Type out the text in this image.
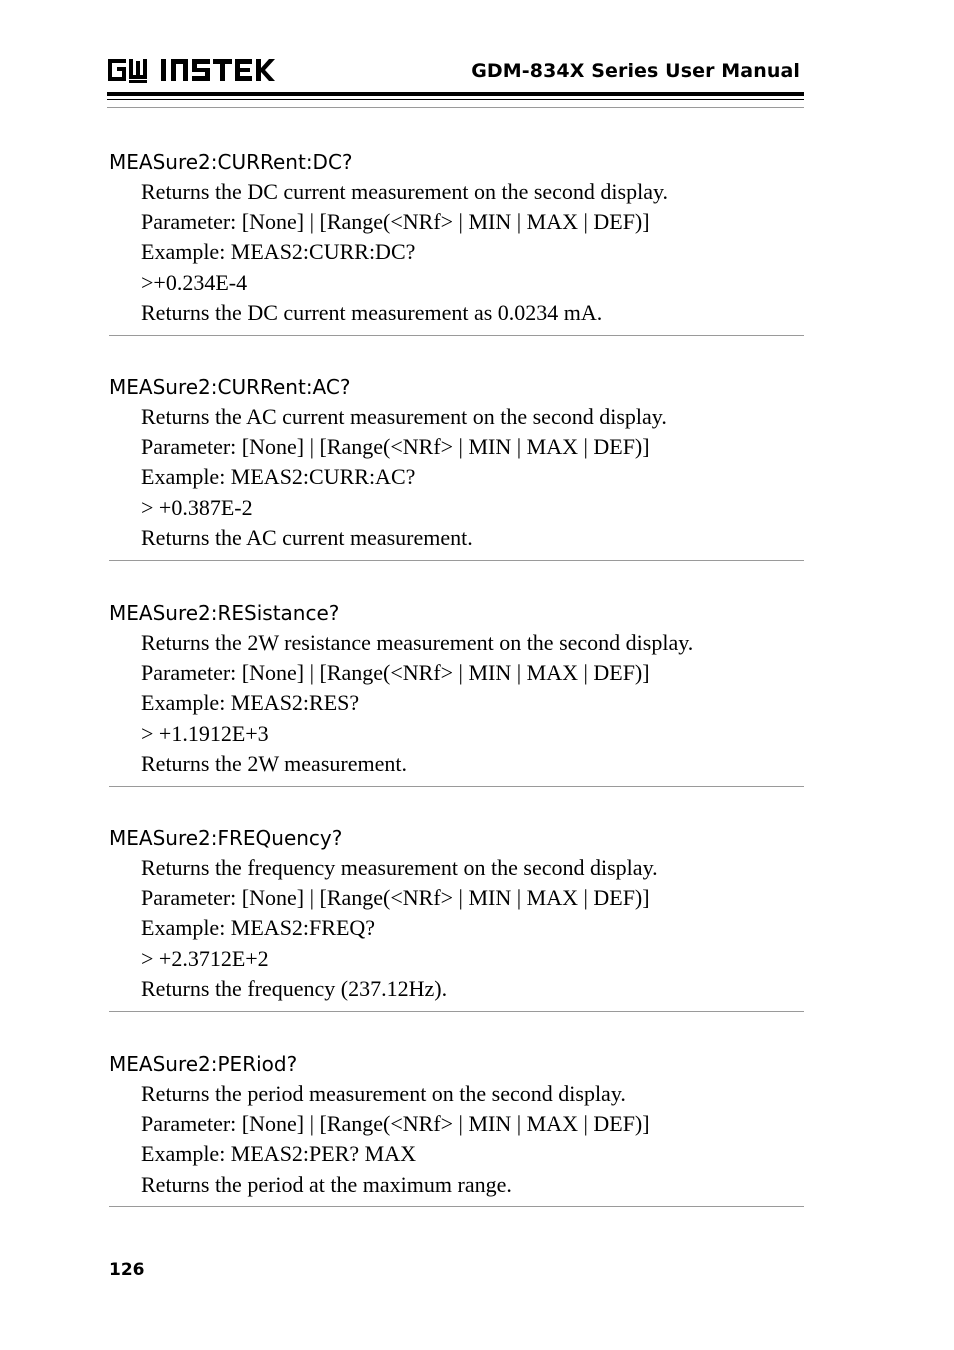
GDM-834X Series User Manual
MEASure2:CURRent:DC?
Returns the DC current measurement on the second display.
Parameter: [None] | [Range(<NRf> | MIN | MAX | DEF)]
Example: MEAS2:CURR:DC?
>+0.234E-4
Returns the DC current measurement as 0.0234 mA.
MEASure2:CURRent:AC?
Returns the AC current measurement on the second display.
Parameter: [None] | [Range(<NRf> | MIN | MAX | DEF)]
Example: MEAS2:CURR:AC?
> +0.387E-2
Returns the AC current measurement.
MEASure2:RESistance?
Returns the 2W resistance measurement on the second display.
Parameter: [None] | [Range(<NRf> | MIN | MAX | DEF)]
Example: MEAS2:RES?
> +1.1912E+3
Returns the 2W measurement.
MEASure2:FREQuency?
Returns the frequency measurement on the second display.
Parameter: [None] | [Range(<NRf> | MIN | MAX | DEF)]
Example: MEAS2:FREQ?
> +2.3712E+2
Returns the frequency (237.12Hz).
MEASure2:PERiod?
Returns the period measurement on the second display.
Parameter: [None] | [Range(<NRf> | MIN | MAX | DEF)]
Example: MEAS2:PER? MAX
Returns the period at the maximum range.
126
